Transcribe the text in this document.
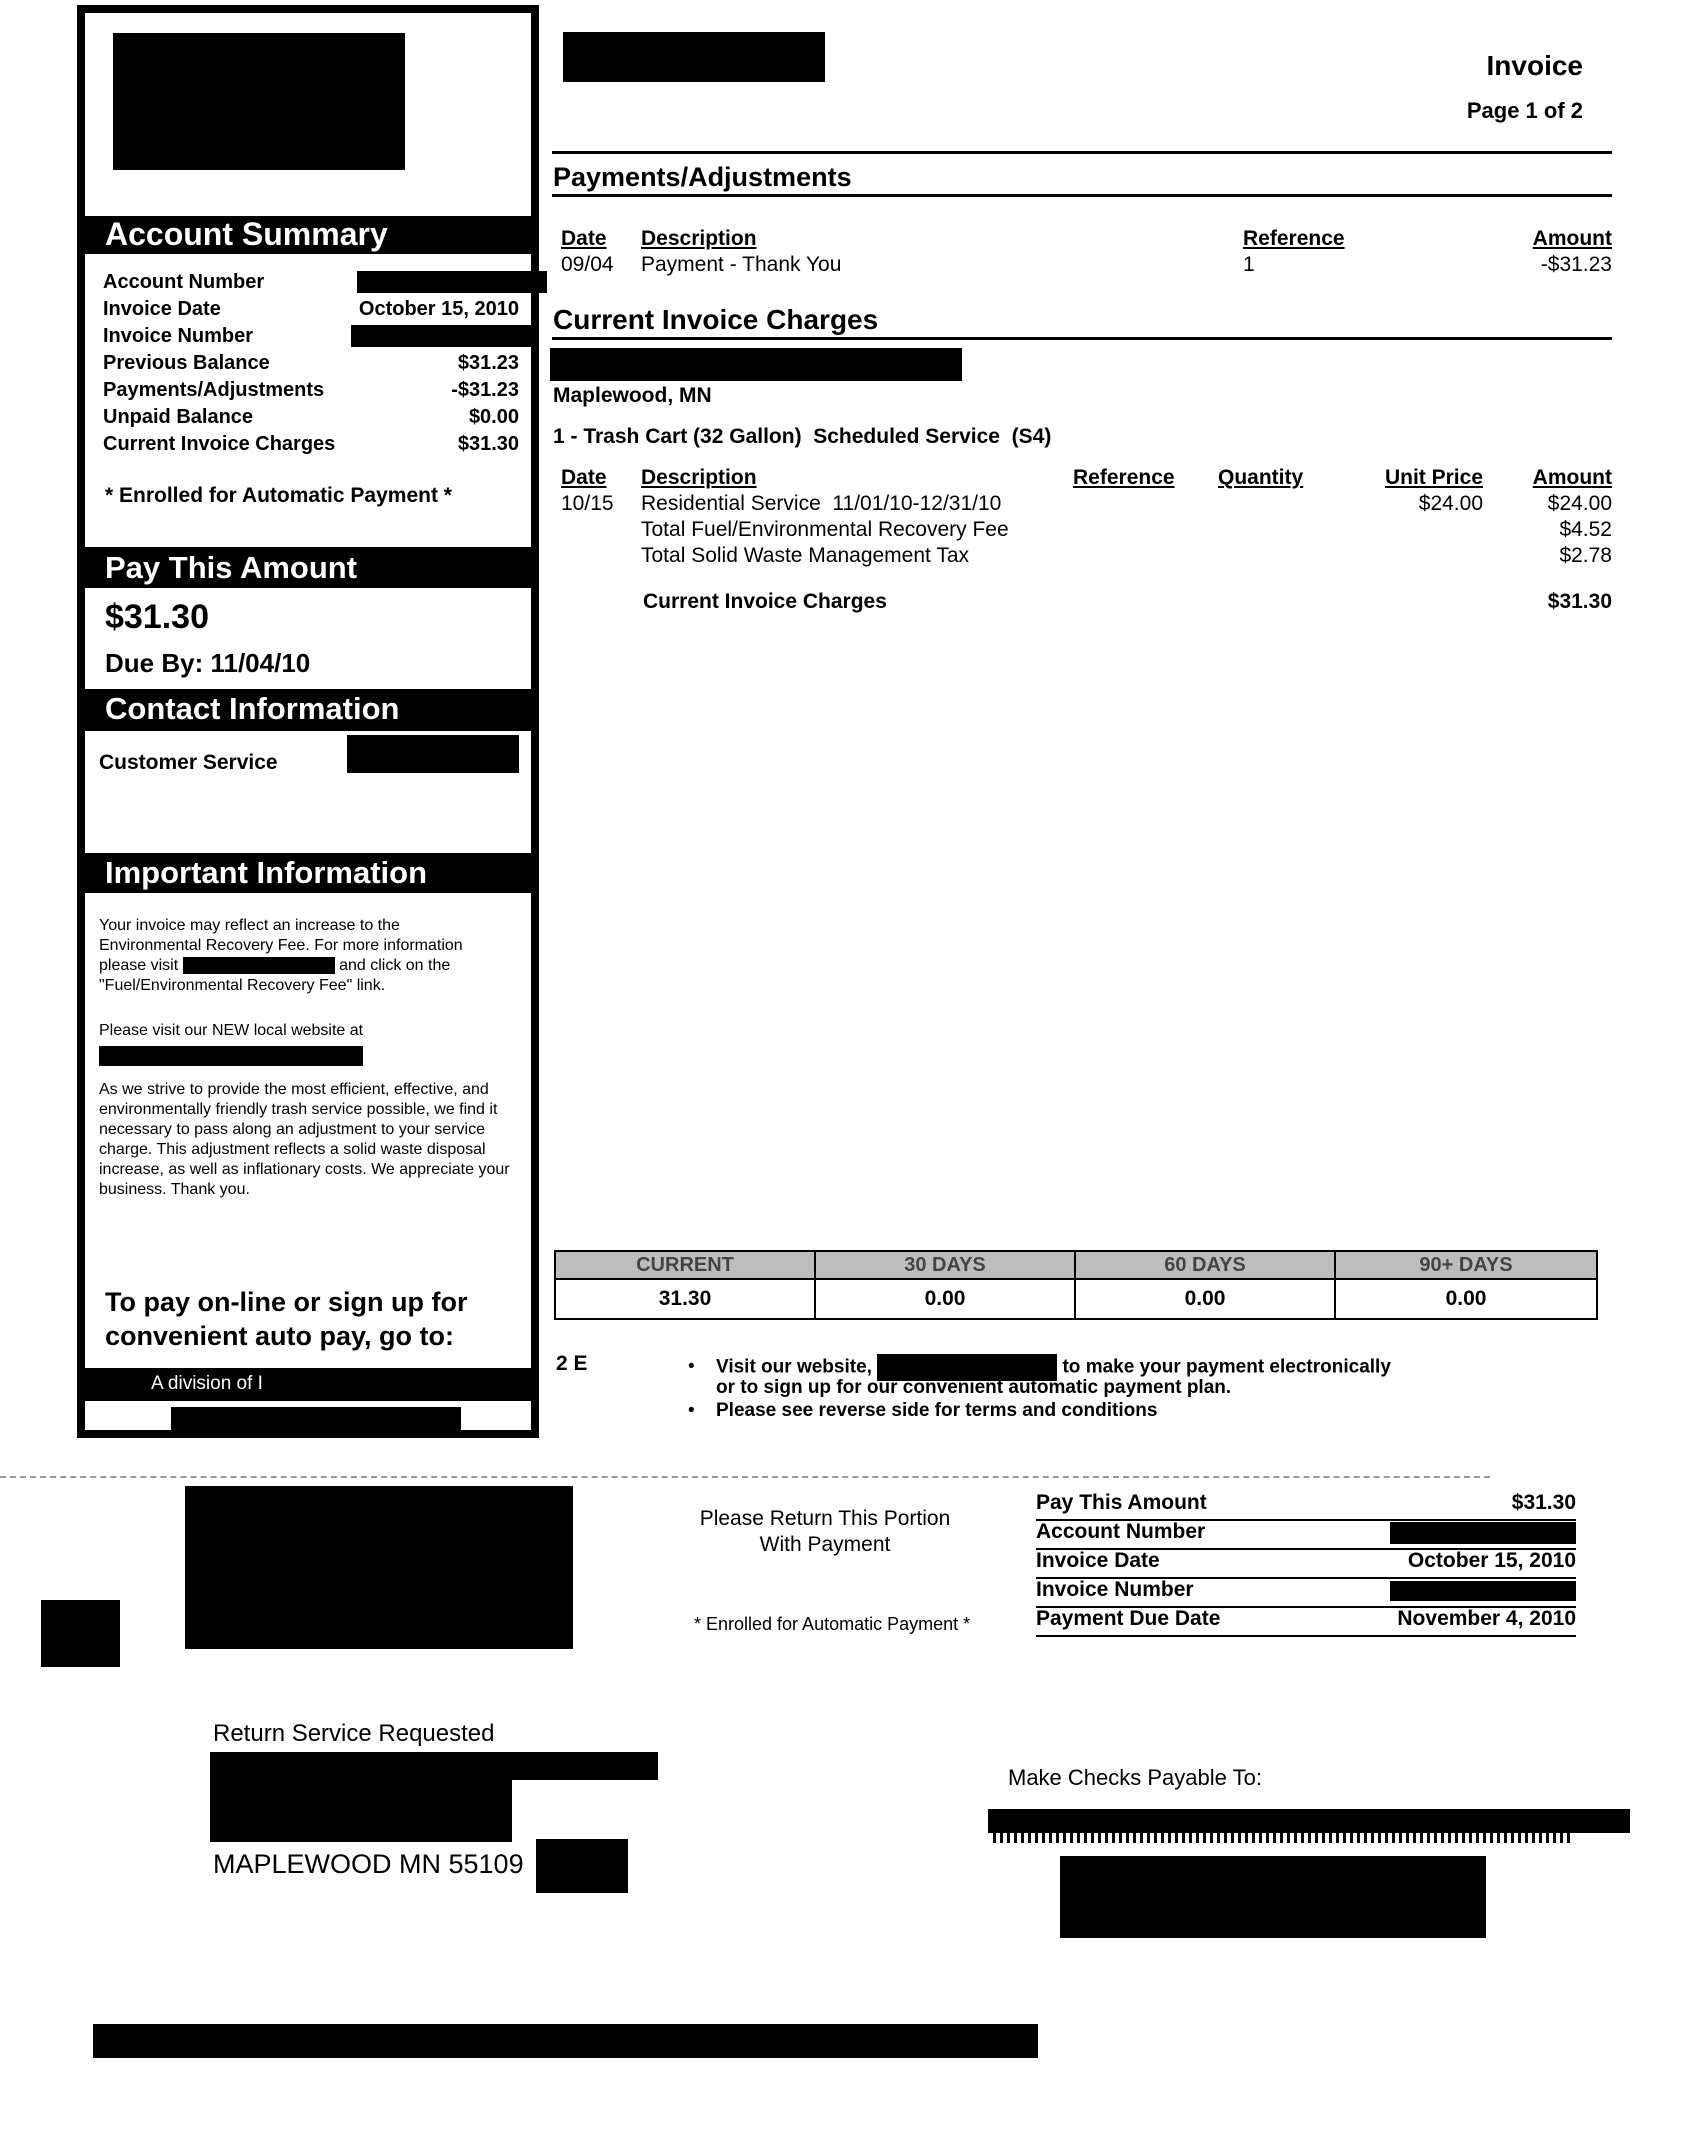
Invoice
Page 1 of 2
Account Summary
Account Number
Invoice Date	October 15, 2010
Invoice Number
Previous Balance	$31.23
Payments/Adjustments	-$31.23
Unpaid Balance	$0.00
Current Invoice Charges	$31.30
* Enrolled for Automatic Payment *
Pay This Amount
$31.30
Due By: 11/04/10
Contact Information
Customer Service
Important Information
Your invoice may reflect an increase to the
Environmental Recovery Fee. For more information
please visit	and click on the
"Fuel/Environmental Recovery Fee" link.
Please visit our NEW local website at
As we strive to provide the most efficient, effective, and environmentally friendly trash service possible, we find it necessary to pass along an adjustment to your service charge. This adjustment reflects a solid waste disposal increase, as well as inflationary costs. We appreciate your business. Thank you.
To pay on-line or sign up for convenient auto pay, go to:
A division of I
Payments/Adjustments
Date Description	Reference	Amount
09/04 Payment - Thank You	1	-$31.23
Current Invoice Charges
Maplewood, MN
1 - Trash Cart (32 Gallon)  Scheduled Service  (S4)
Date Description	Reference Quantity	Unit Price Amount
10/15 Residential Service  11/01/10-12/31/10	$24.00	$24.00
Total Fuel/Environmental Recovery Fee	$4.52
Total Solid Waste Management Tax	$2.78
Current Invoice Charges	$31.30
CURRENT	30 DAYS	60 DAYS	90+ DAYS
31.30	0.00	0.00	0.00
2 E	• Visit our website,	to make your payment electronically
or to sign up for our convenient automatic payment plan.
• Please see reverse side for terms and conditions
Please Return This Portion
With Payment
* Enrolled for Automatic Payment *
Pay This Amount	$31.30
Account Number
Invoice Date	October 15, 2010
Invoice Number
Payment Due Date	November 4, 2010
Return Service Requested
MAPLEWOOD MN 55109
Make Checks Payable To:
